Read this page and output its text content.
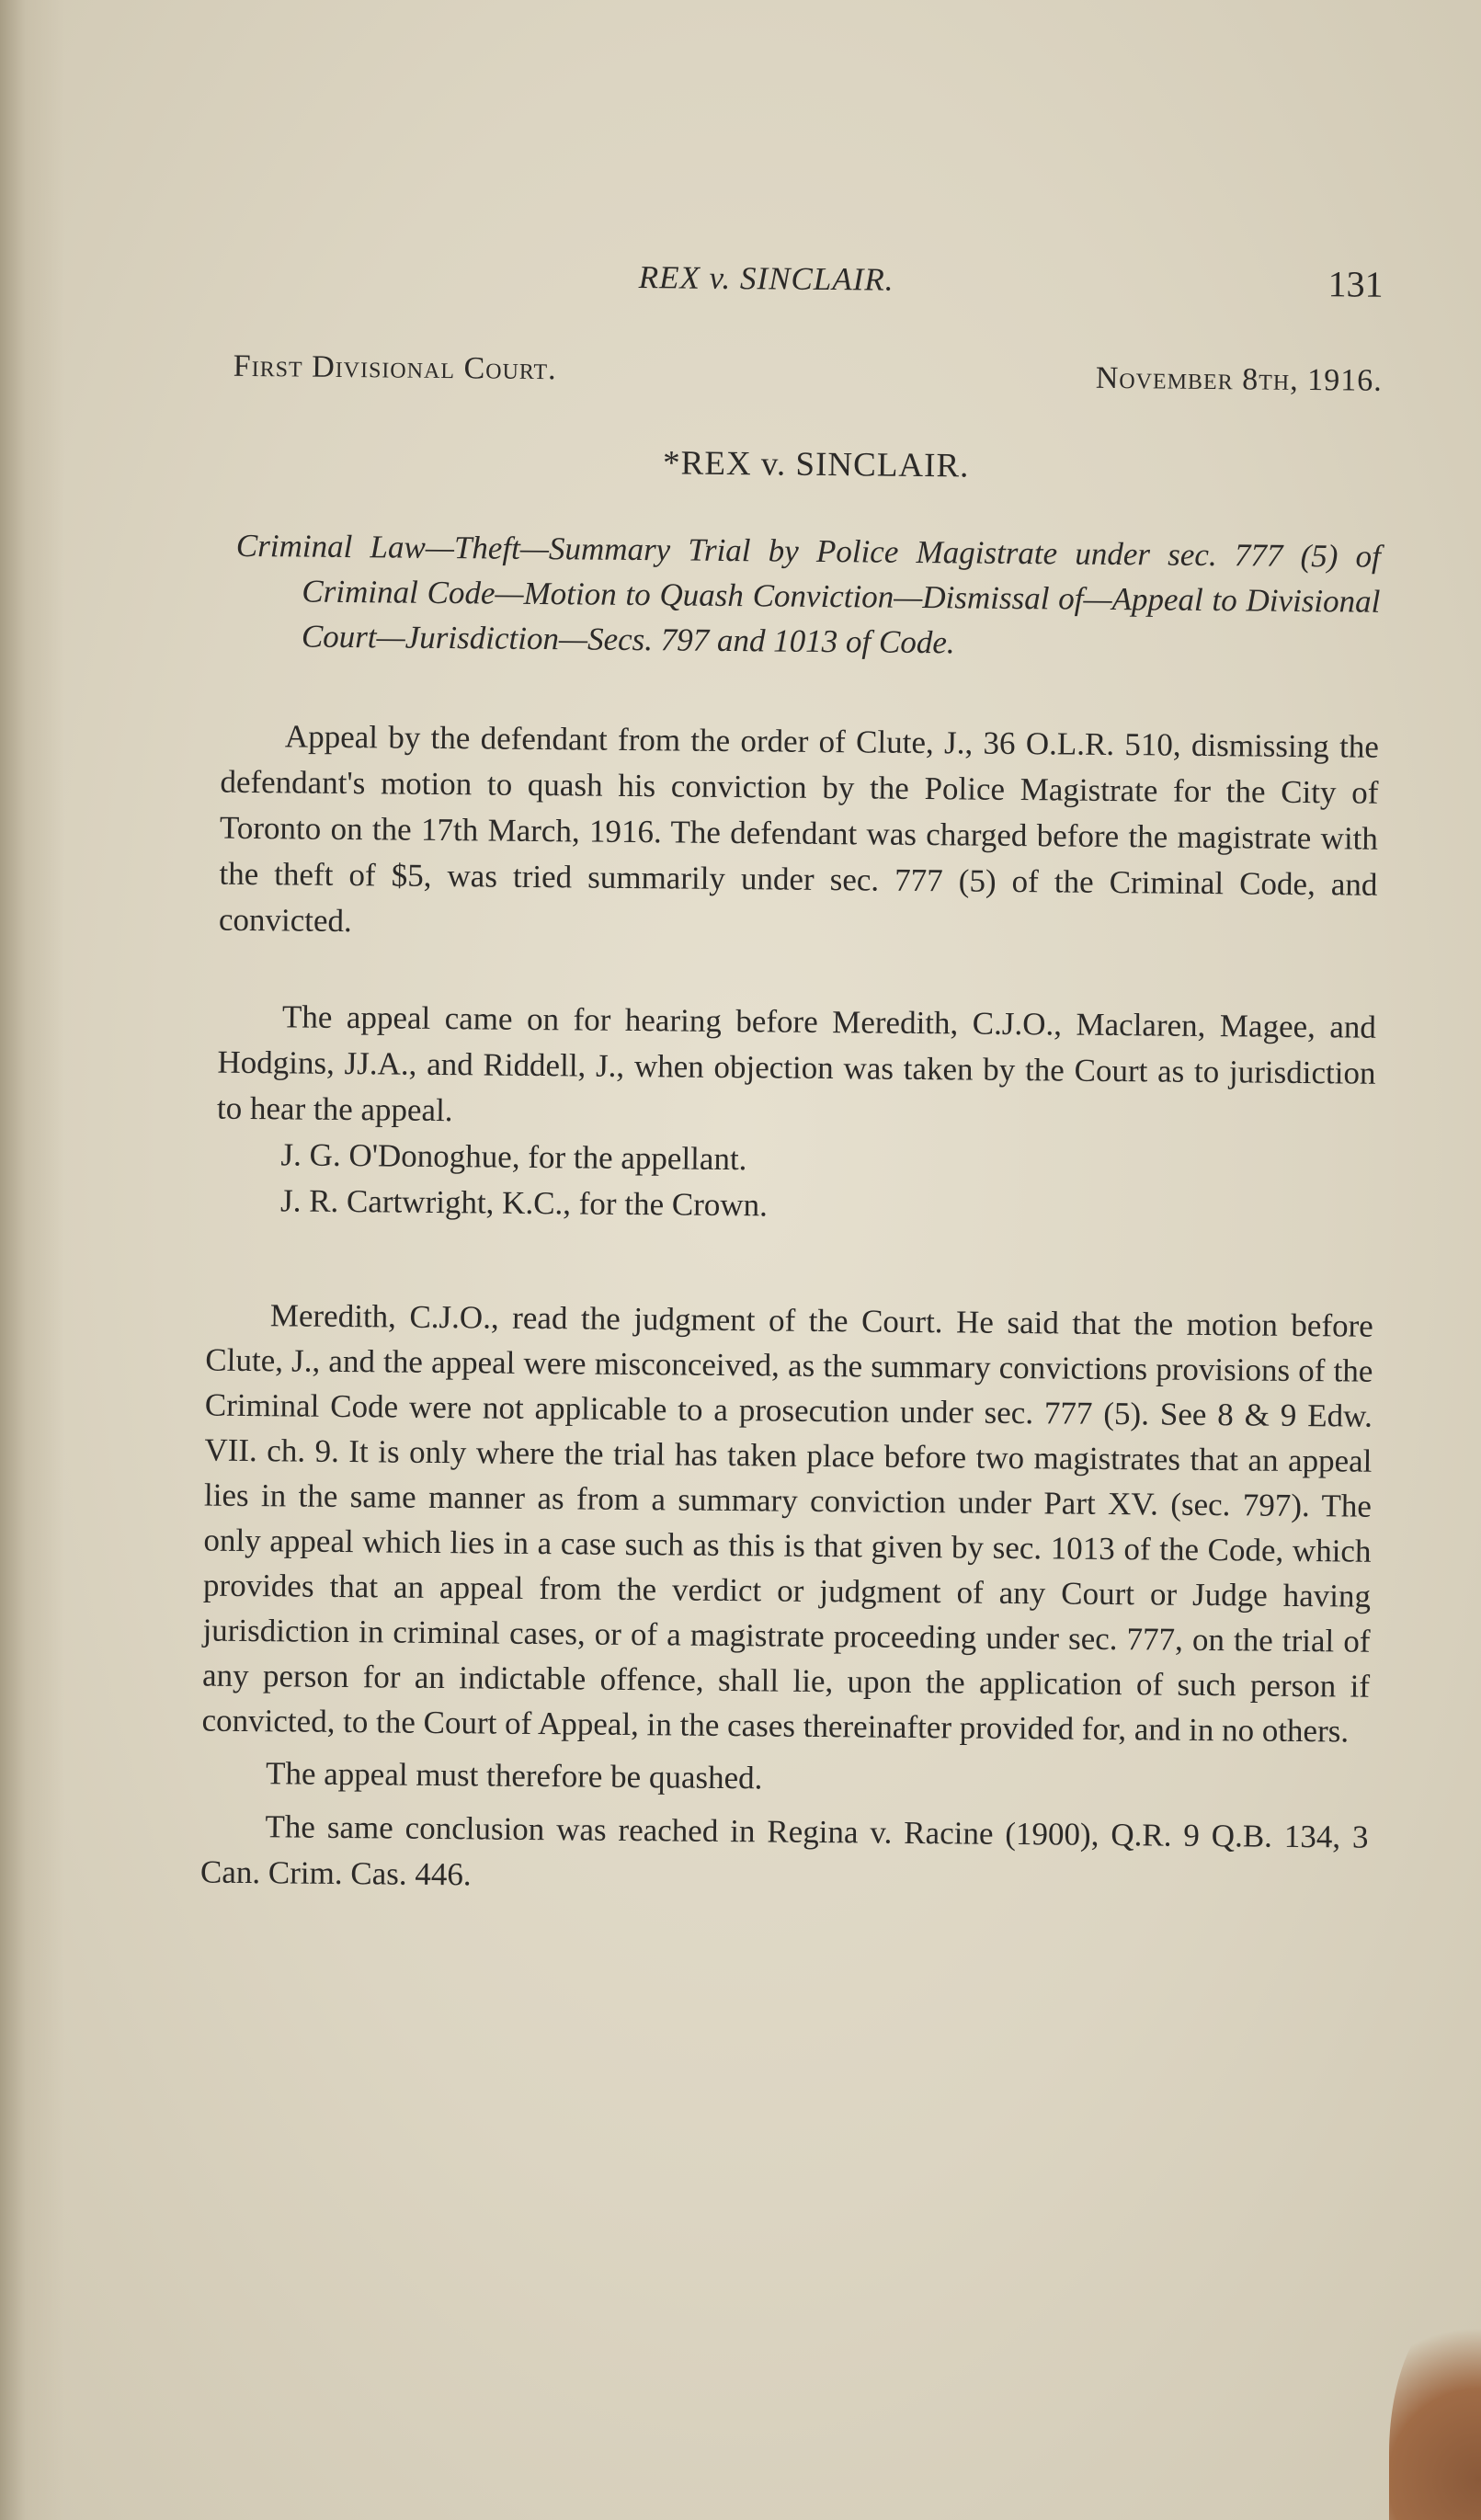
REX v. SINCLAIR.	131
First Divisional Court.	November 8th, 1916.
*REX v. SINCLAIR.
Criminal Law—Theft—Summary Trial by Police Magistrate under sec. 777 (5) of Criminal Code—Motion to Quash Conviction—Dismissal of—Appeal to Divisional Court—Jurisdiction—Secs. 797 and 1013 of Code.

Appeal by the defendant from the order of Clute, J., 36 O.L.R. 510, dismissing the defendant's motion to quash his conviction by the Police Magistrate for the City of Toronto on the 17th March, 1916. The defendant was charged before the magistrate with the theft of $5, was tried summarily under sec. 777 (5) of the Criminal Code, and convicted.

The appeal came on for hearing before Meredith, C.J.O., Maclaren, Magee, and Hodgins, JJ.A., and Riddell, J., when objection was taken by the Court as to jurisdiction to hear the appeal.

J. G. O'Donoghue, for the appellant.
J. R. Cartwright, K.C., for the Crown.

Meredith, C.J.O., read the judgment of the Court. He said that the motion before Clute, J., and the appeal were misconceived, as the summary convictions provisions of the Criminal Code were not applicable to a prosecution under sec. 777 (5). See 8 & 9 Edw. VII. ch. 9. It is only where the trial has taken place before two magistrates that an appeal lies in the same manner as from a summary conviction under Part XV. (sec. 797). The only appeal which lies in a case such as this is that given by sec. 1013 of the Code, which provides that an appeal from the verdict or judgment of any Court or Judge having jurisdiction in criminal cases, or of a magistrate proceeding under sec. 777, on the trial of any person for an indictable offence, shall lie, upon the application of such person if convicted, to the Court of Appeal, in the cases thereinafter provided for, and in no others.

The appeal must therefore be quashed.

The same conclusion was reached in Regina v. Racine (1900), Q.R. 9 Q.B. 134, 3 Can. Crim. Cas. 446.
